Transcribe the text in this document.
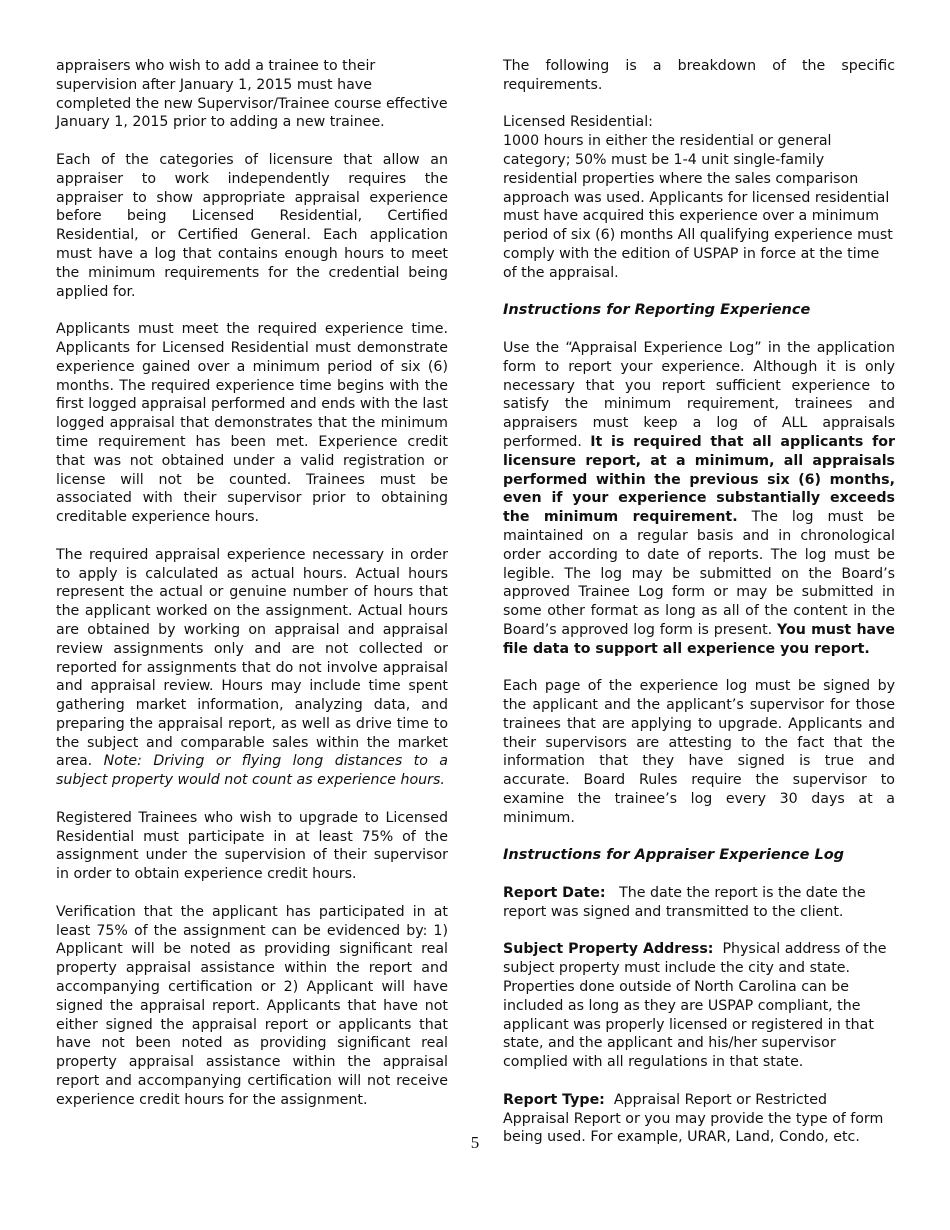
appraisers who wish to add a trainee to their supervision after January 1, 2015 must have completed the new Supervisor/Trainee course effective January 1, 2015 prior to adding a new trainee.

Each of the categories of licensure that allow an appraiser to work independently requires the appraiser to show appropriate appraisal experience before being Licensed Residential, Certified Residential, or Certified General. Each application must have a log that contains enough hours to meet the minimum requirements for the credential being applied for.

Applicants must meet the required experience time. Applicants for Licensed Residential must demonstrate experience gained over a minimum period of six (6) months. The required experience time begins with the first logged appraisal performed and ends with the last logged appraisal that demonstrates that the minimum time requirement has been met. Experience credit that was not obtained under a valid registration or license will not be counted. Trainees must be associated with their supervisor prior to obtaining creditable experience hours.

The required appraisal experience necessary in order to apply is calculated as actual hours. Actual hours represent the actual or genuine number of hours that the applicant worked on the assignment. Actual hours are obtained by working on appraisal and appraisal review assignments only and are not collected or reported for assignments that do not involve appraisal and appraisal review. Hours may include time spent gathering market information, analyzing data, and preparing the appraisal report, as well as drive time to the subject and comparable sales within the market area. Note: Driving or flying long distances to a subject property would not count as experience hours.

Registered Trainees who wish to upgrade to Licensed Residential must participate in at least 75% of the assignment under the supervision of their supervisor in order to obtain experience credit hours.

Verification that the applicant has participated in at least 75% of the assignment can be evidenced by: 1) Applicant will be noted as providing significant real property appraisal assistance within the report and accompanying certification or 2) Applicant will have signed the appraisal report. Applicants that have not either signed the appraisal report or applicants that have not been noted as providing significant real property appraisal assistance within the appraisal report and accompanying certification will not receive experience credit hours for the assignment.

The following is a breakdown of the specific requirements.

Licensed Residential:
1000 hours in either the residential or general category; 50% must be 1-4 unit single-family residential properties where the sales comparison approach was used. Applicants for licensed residential must have acquired this experience over a minimum period of six (6) months All qualifying experience must comply with the edition of USPAP in force at the time of the appraisal.

Instructions for Reporting Experience

Use the “Appraisal Experience Log” in the application form to report your experience. Although it is only necessary that you report sufficient experience to satisfy the minimum requirement, trainees and appraisers must keep a log of ALL appraisals performed. It is required that all applicants for licensure report, at a minimum, all appraisals performed within the previous six (6) months, even if your experience substantially exceeds the minimum requirement. The log must be maintained on a regular basis and in chronological order according to date of reports. The log must be legible. The log may be submitted on the Board’s approved Trainee Log form or may be submitted in some other format as long as all of the content in the Board’s approved log form is present. You must have file data to support all experience you report.

Each page of the experience log must be signed by the applicant and the applicant’s supervisor for those trainees that are applying to upgrade. Applicants and their supervisors are attesting to the fact that the information that they have signed is true and accurate. Board Rules require the supervisor to examine the trainee’s log every 30 days at a minimum.

Instructions for Appraiser Experience Log

Report Date: The date the report is the date the report was signed and transmitted to the client.

Subject Property Address: Physical address of the subject property must include the city and state. Properties done outside of North Carolina can be included as long as they are USPAP compliant, the applicant was properly licensed or registered in that state, and the applicant and his/her supervisor complied with all regulations in that state.

Report Type: Appraisal Report or Restricted Appraisal Report or you may provide the type of form being used. For example, URAR, Land, Condo, etc.

5
